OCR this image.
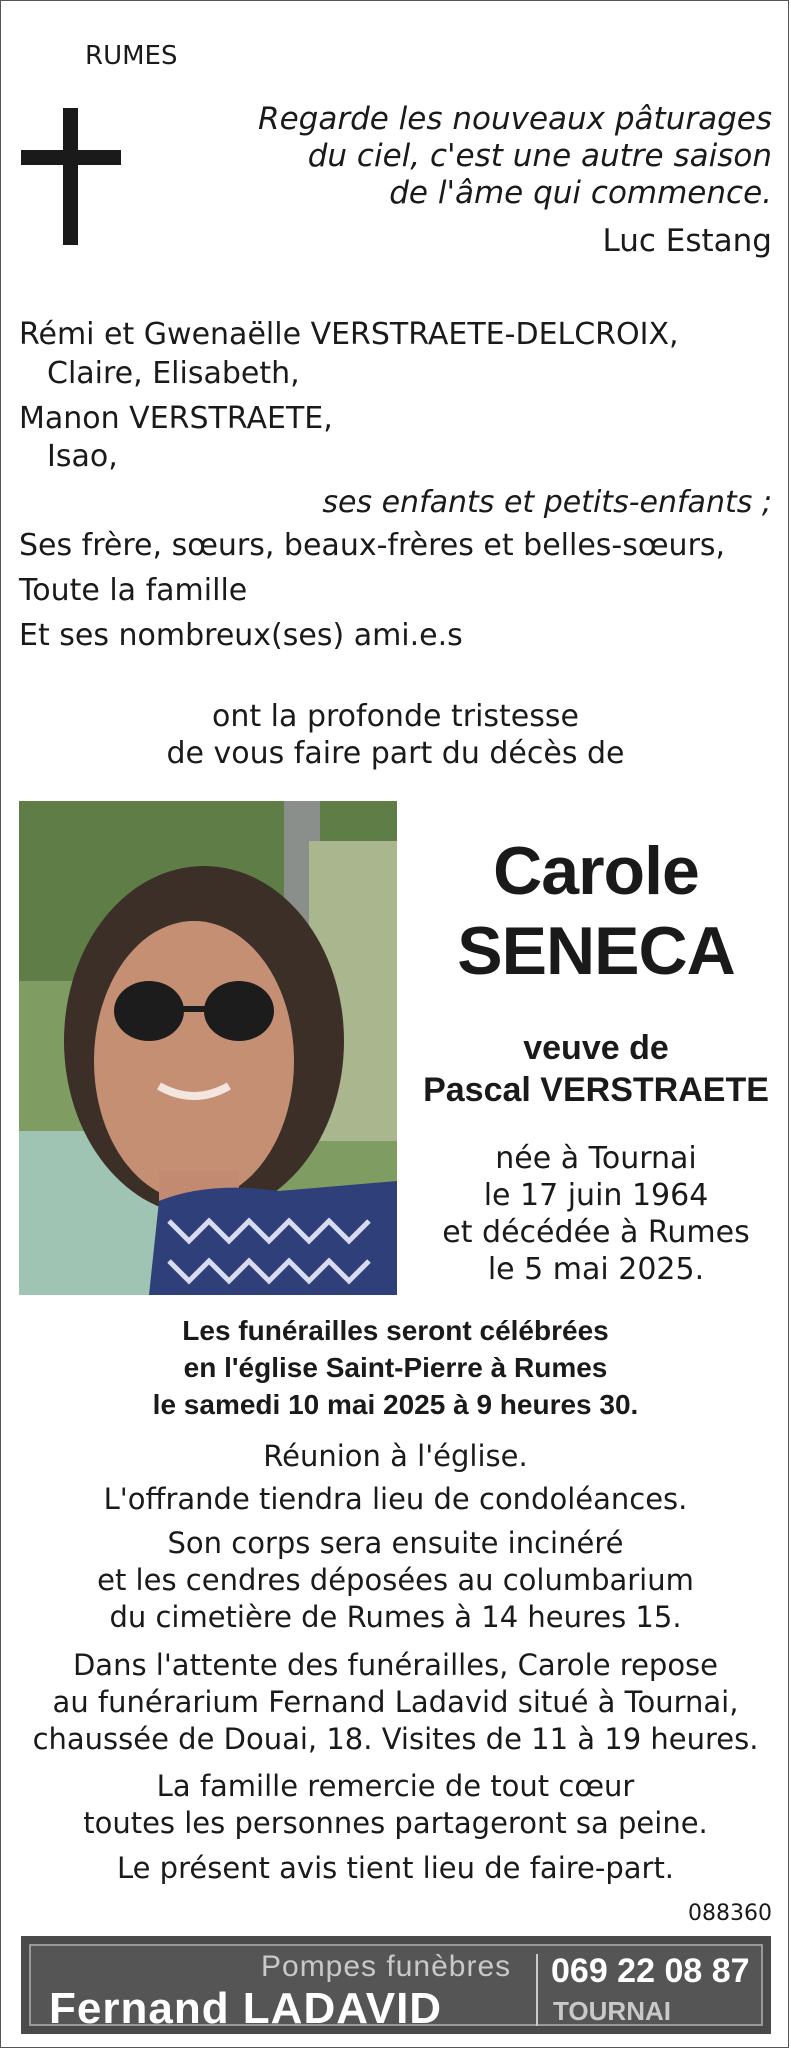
RUMES
Regarde les nouveaux pâturages
du ciel, c'est une autre saison
de l'âme qui commence.
Luc Estang
Rémi et Gwenaëlle VERSTRAETE-DELCROIX,
Claire, Elisabeth,
Manon VERSTRAETE,
Isao,
ses enfants et petits-enfants ;
Ses frère, sœurs, beaux-frères et belles-sœurs,
Toute la famille
Et ses nombreux(ses) ami.e.s
ont la profonde tristesse
de vous faire part du décès de
Carole
SENECA
veuve de
Pascal VERSTRAETE
née à Tournai
le 17 juin 1964
et décédée à Rumes
le 5 mai 2025.
Les funérailles seront célébrées
en l'église Saint-Pierre à Rumes
le samedi 10 mai 2025 à 9 heures 30.
Réunion à l'église.
L'offrande tiendra lieu de condoléances.
Son corps sera ensuite incinéré
et les cendres déposées au columbarium
du cimetière de Rumes à 14 heures 15.
Dans l'attente des funérailles, Carole repose
au funérarium Fernand Ladavid situé à Tournai,
chaussée de Douai, 18. Visites de 11 à 19 heures.
La famille remercie de tout cœur
toutes les personnes partageront sa peine.
Le présent avis tient lieu de faire-part.
088360
Pompes funèbres
Fernand LADAVID
069 22 08 87
TOURNAI
